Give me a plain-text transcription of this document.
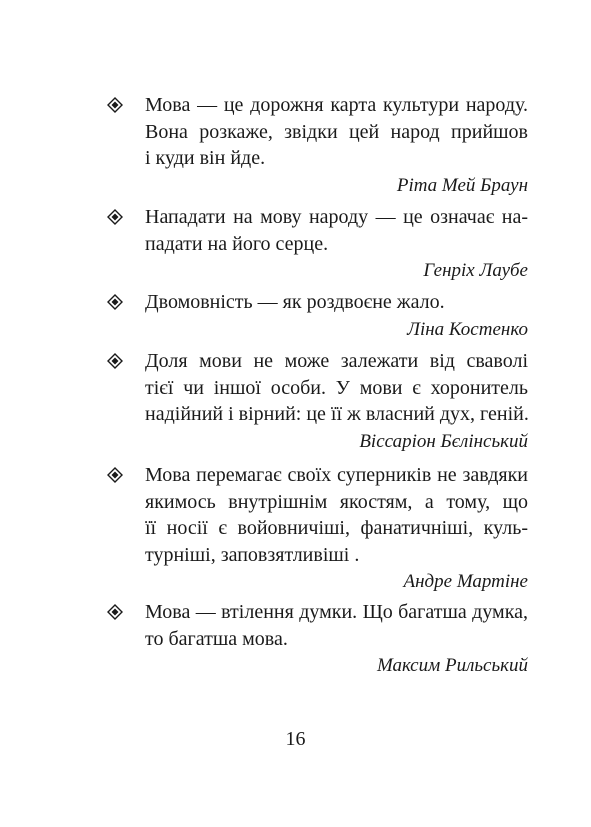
Мова — це дорожня карта культури народу.
Вона розкаже, звідки цей народ прийшов
і куди він йде.
Ріта Мей Браун
Нападати на мову народу — це означає на-
падати на його серце.
Генріх Лаубе
Двомовність — як роздвоєне жало.
Ліна Костенко
Доля мови не може залежати від сваволі
тієї чи іншої особи. У мови є хоронитель
надійний і вірний: це її ж власний дух, геній.
Віссаріон Бєлінський
Мова перемагає своїх суперників не завдяки
якимось внутрішнім якостям, а тому, що
її носії є войовничіші, фанатичніші, куль-
турніші, заповзятливіші .
Андре Мартіне
Мова — втілення думки. Що багатша думка,
то багатша мова.
Максим Рильський
16
